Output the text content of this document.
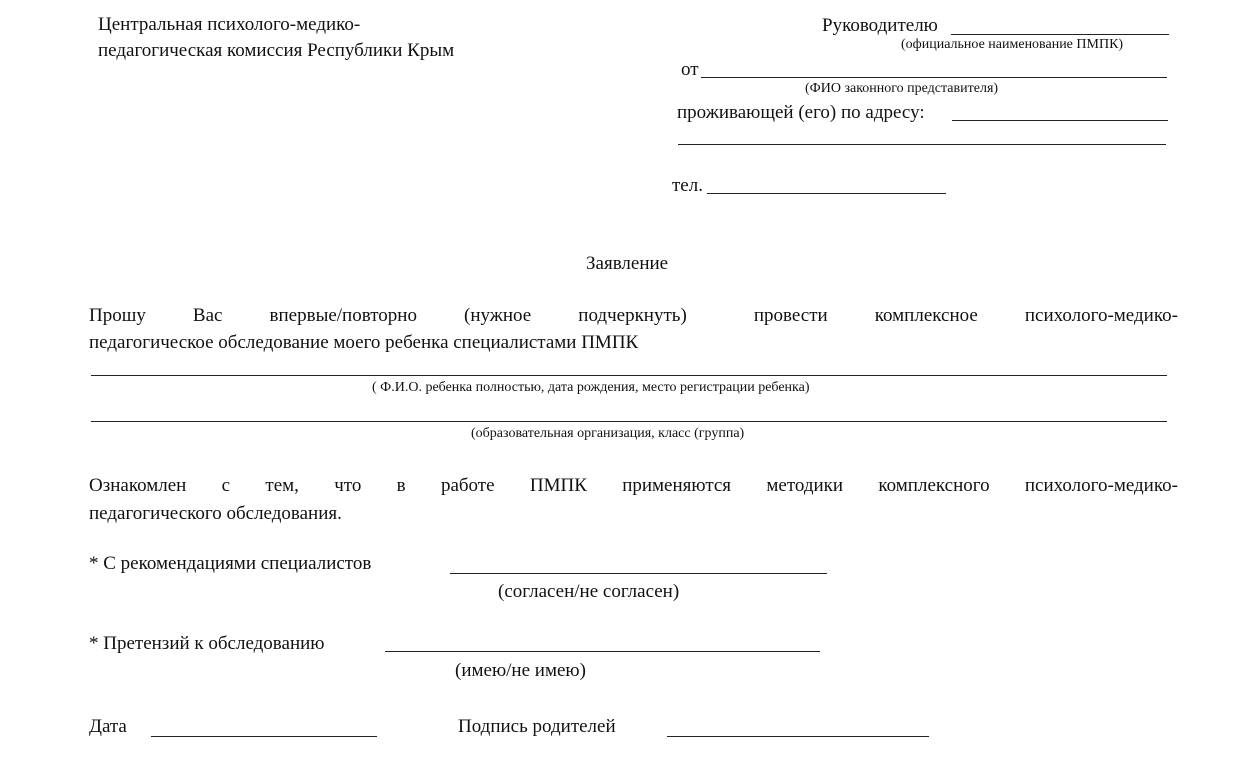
Центральная психолого-медико-
педагогическая комиссия Республики Крым
Руководителю
(официальное наименование ПМПК)
от
(ФИО законного представителя)
проживающей (его) по адресу:
тел.
Заявление
Прошу Вас впервые/повторно (нужное подчеркнуть)	провести комплексное психолого-медико-
педагогическое обследование моего ребенка специалистами ПМПК
( Ф.И.О. ребенка полностью, дата рождения, место регистрации ребенка)
(образовательная организация, класс (группа)
Ознакомлен с тем, что в работе ПМПК применяются методики комплексного психолого-медико-
педагогического обследования.
* С рекомендациями специалистов
(согласен/не согласен)
* Претензий к обследованию
(имею/не имею)
Дата	Подпись родителей
